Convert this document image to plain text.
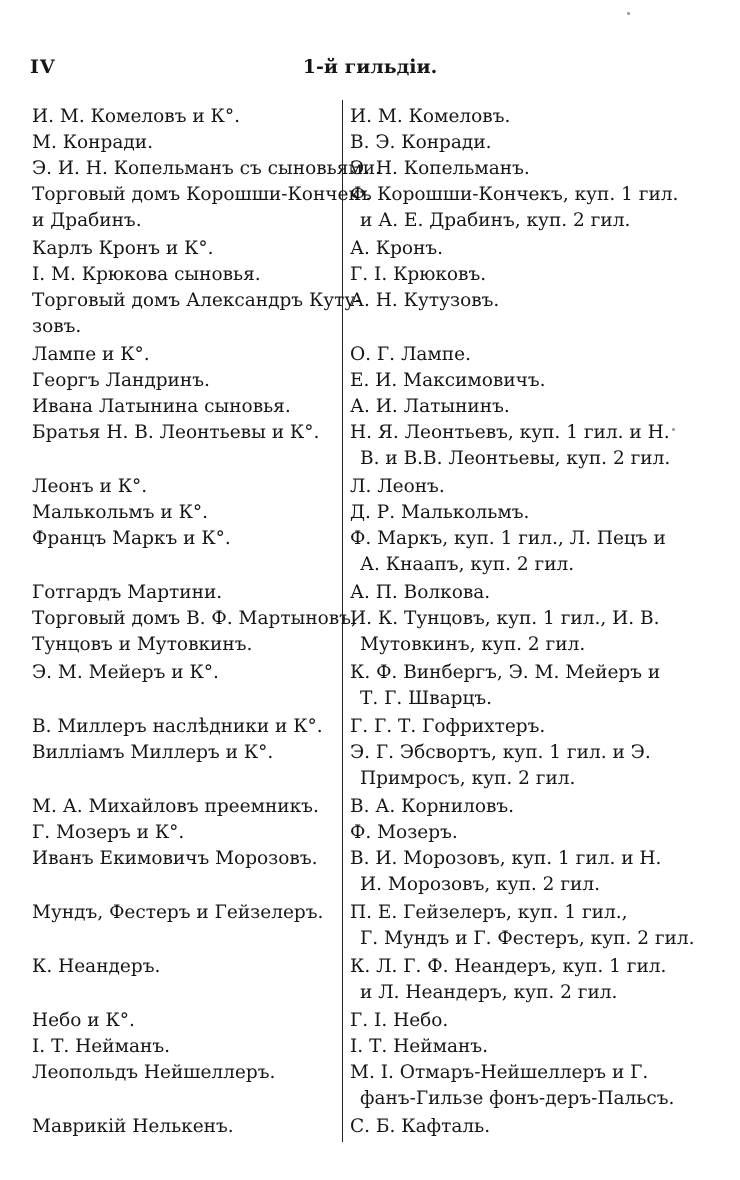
IV	1-й гильдіи.
И. М. Комеловъ и К°.
М. Конради.
Э. И. Н. Копельманъ съ сыновьями.
Торговый домъ Корошши-Кончекъ
и Драбинъ.
Карлъ Кронъ и К°.
І. М. Крюкова сыновья.
Торговый домъ Александръ Куту-
зовъ.
Лампе и К°.
Георгъ Ландринъ.
Ивана Латынина сыновья.
Братья Н. В. Леонтьевы и К°.
Леонъ и К°.
Малькольмъ и К°.
Францъ Маркъ и К°.
Готгардъ Мартини.
Торговый домъ В. Ф. Мартыновъ,
Тунцовъ и Мутовкинъ.
Э. М. Мейеръ и К°.
В. Миллеръ наслѣдники и К°.
Вилліамъ Миллеръ и К°.
М. А. Михайловъ преемникъ.
Г. Мозеръ и К°.
Иванъ Екимовичъ Морозовъ.
Мундъ, Фестеръ и Гейзелеръ.
К. Неандеръ.
Небо и К°.
І. Т. Нейманъ.
Леопольдъ Нейшеллеръ.
Маврикій Нелькенъ.
И. М. Комеловъ.
В. Э. Конради.
Э. Н. Копельманъ.
Ф. Корошши-Кончекъ, куп. 1 гил.
и А. Е. Драбинъ, куп. 2 гил.
А. Кронъ.
Г. І. Крюковъ.
А. Н. Кутузовъ.
О. Г. Лампе.
Е. И. Максимовичъ.
А. И. Латынинъ.
Н. Я. Леонтьевъ, куп. 1 гил. и Н.
В. и В.В. Леонтьевы, куп. 2 гил.
Л. Леонъ.
Д. Р. Малькольмъ.
Ф. Маркъ, куп. 1 гил., Л. Пецъ и
А. Кнаапъ, куп. 2 гил.
А. П. Волкова.
И. К. Тунцовъ, куп. 1 гил., И. В.
Мутовкинъ, куп. 2 гил.
К. Ф. Винбергъ, Э. М. Мейеръ и
Т. Г. Шварцъ.
Г. Г. Т. Гофрихтеръ.
Э. Г. Эбсвортъ, куп. 1 гил. и Э.
Примросъ, куп. 2 гил.
В. А. Корниловъ.
Ф. Мозеръ.
В. И. Морозовъ, куп. 1 гил. и Н.
И. Морозовъ, куп. 2 гил.
П. Е. Гейзелеръ, куп. 1 гил.,
Г. Мундъ и Г. Фестеръ, куп. 2 гил.
К. Л. Г. Ф. Неандеръ, куп. 1 гил.
и Л. Неандеръ, куп. 2 гил.
Г. І. Небо.
І. Т. Нейманъ.
М. І. Отмаръ-Нейшеллеръ и Г.
фанъ-Гильзе фонъ-деръ-Пальсъ.
С. Б. Кафталь.
